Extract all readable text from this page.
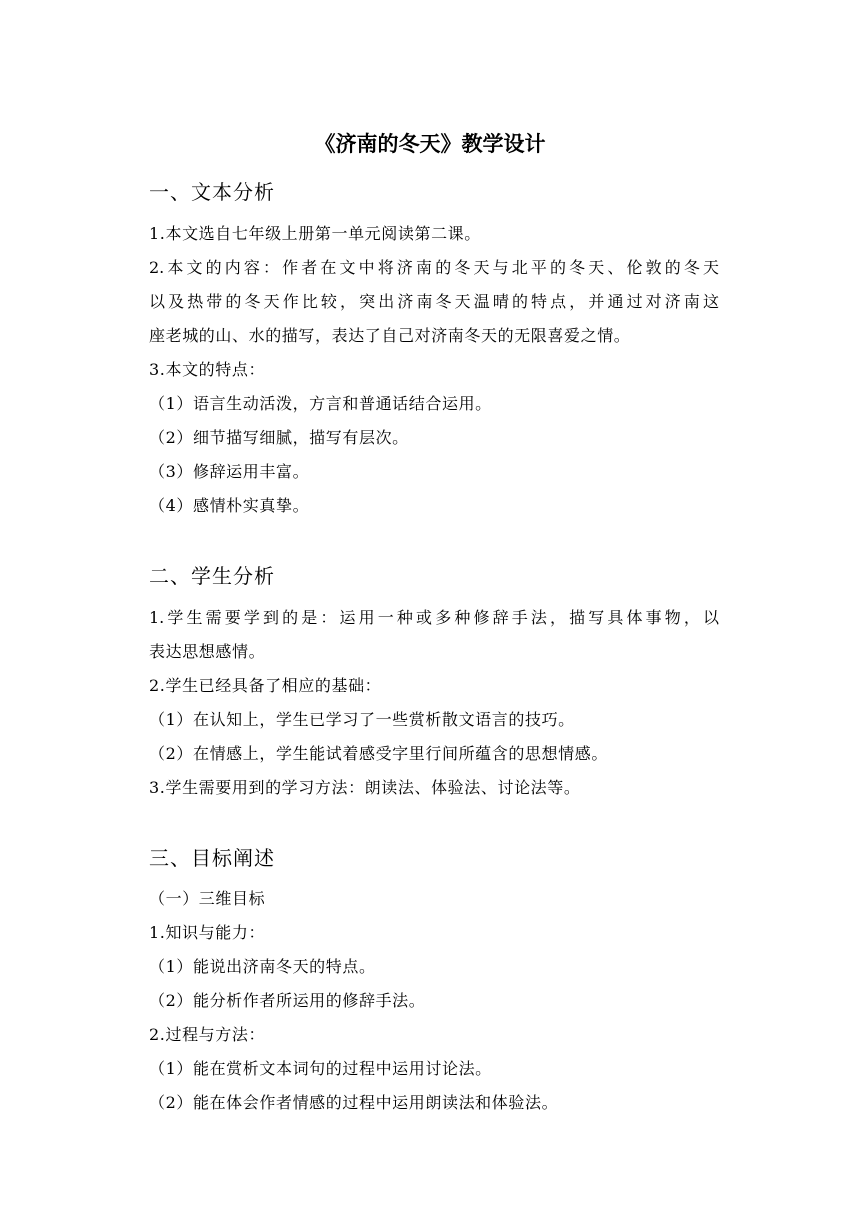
《济南的冬天》教学设计
一、文本分析
1.本文选自七年级上册第一单元阅读第二课。
2.本文的内容：作者在文中将济南的冬天与北平的冬天、伦敦的冬天
以及热带的冬天作比较，突出济南冬天温晴的特点，并通过对济南这
座老城的山、水的描写，表达了自己对济南冬天的无限喜爱之情。
3.本文的特点：
（1）语言生动活泼，方言和普通话结合运用。
（2）细节描写细腻，描写有层次。
（3）修辞运用丰富。
（4）感情朴实真挚。
二、学生分析
1.学生需要学到的是：运用一种或多种修辞手法，描写具体事物，以
表达思想感情。
2.学生已经具备了相应的基础：
（1）在认知上，学生已学习了一些赏析散文语言的技巧。
（2）在情感上，学生能试着感受字里行间所蕴含的思想情感。
3.学生需要用到的学习方法：朗读法、体验法、讨论法等。
三、目标阐述
（一）三维目标
1.知识与能力：
（1）能说出济南冬天的特点。
（2）能分析作者所运用的修辞手法。
2.过程与方法：
（1）能在赏析文本词句的过程中运用讨论法。
（2）能在体会作者情感的过程中运用朗读法和体验法。
